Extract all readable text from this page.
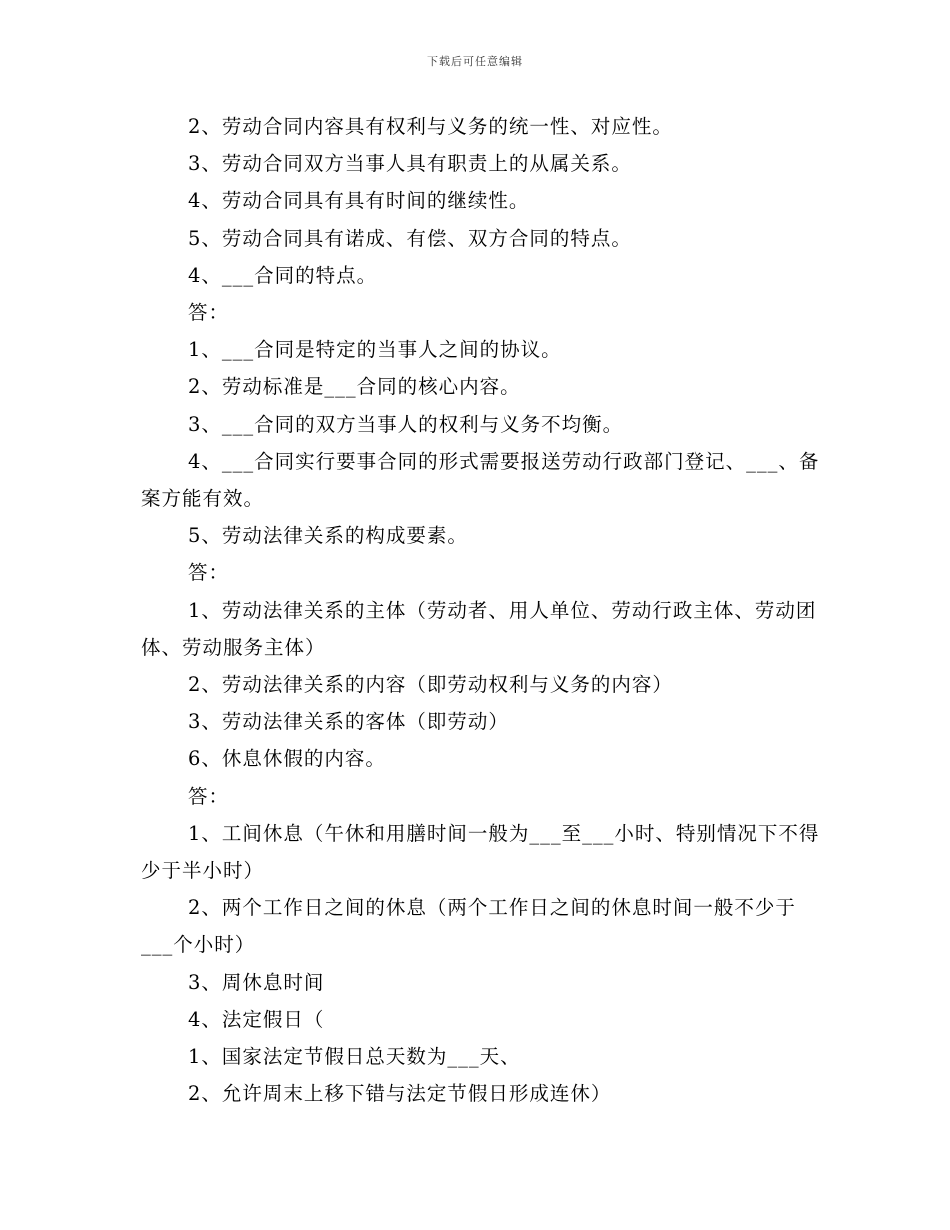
下载后可任意编辑

2、劳动合同内容具有权利与义务的统一性、对应性。

3、劳动合同双方当事人具有职责上的从属关系。

4、劳动合同具有具有时间的继续性。

5、劳动合同具有诺成、有偿、双方合同的特点。

4、___合同的特点。

答：

1、___合同是特定的当事人之间的协议。

2、劳动标准是___合同的核心内容。

3、___合同的双方当事人的权利与义务不均衡。

4、___合同实行要事合同的形式需要报送劳动行政部门登记、___、备案方能有效。

5、劳动法律关系的构成要素。

答：

1、劳动法律关系的主体（劳动者、用人单位、劳动行政主体、劳动团体、劳动服务主体）

2、劳动法律关系的内容（即劳动权利与义务的内容）

3、劳动法律关系的客体（即劳动）

6、休息休假的内容。

答：

1、工间休息（午休和用膳时间一般为___至___小时、特别情况下不得少于半小时）

2、两个工作日之间的休息（两个工作日之间的休息时间一般不少于___个小时）

3、周休息时间

4、法定假日（

1、国家法定节假日总天数为___天、

2、允许周末上移下错与法定节假日形成连休）
